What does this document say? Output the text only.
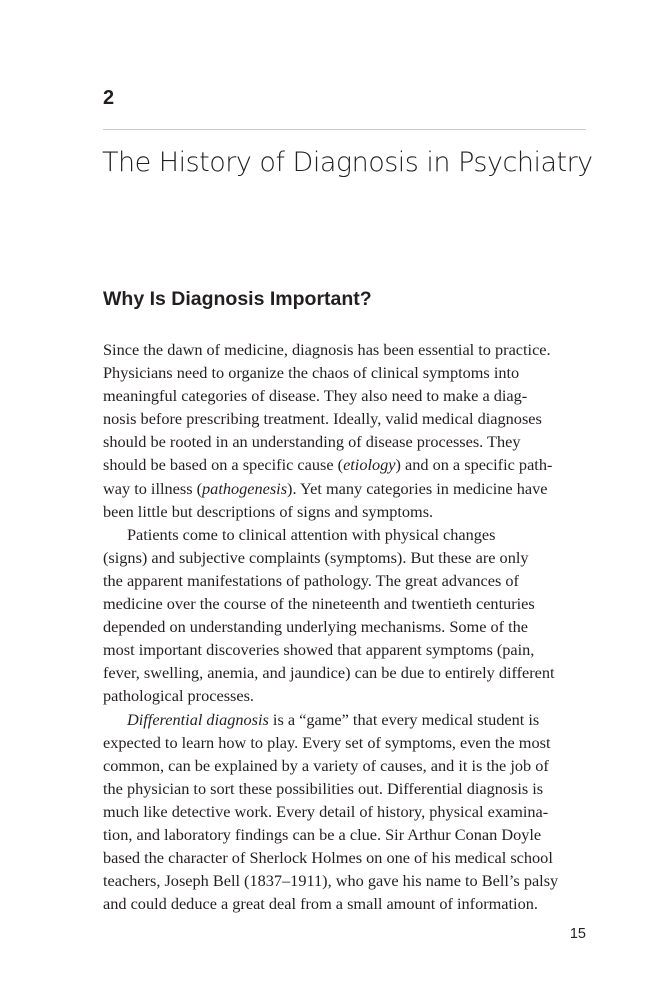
2
The History of Diagnosis in Psychiatry
Why Is Diagnosis Important?
Since the dawn of medicine, diagnosis has been essential to practice.
Physicians need to organize the chaos of clinical symptoms into
meaningful categories of disease. They also need to make a diag-
nosis before prescribing treatment. Ideally, valid medical diagnoses
should be rooted in an understanding of disease processes. They
should be based on a specific cause (etiology) and on a specific path-
way to illness (pathogenesis). Yet many categories in medicine have
been little but descriptions of signs and symptoms.
Patients come to clinical attention with physical changes
(signs) and subjective complaints (symptoms). But these are only
the apparent manifestations of pathology. The great advances of
medicine over the course of the nineteenth and twentieth centuries
depended on understanding underlying mechanisms. Some of the
most important discoveries showed that apparent symptoms (pain,
fever, swelling, anemia, and jaundice) can be due to entirely different
pathological processes.
Differential diagnosis is a “game” that every medical student is
expected to learn how to play. Every set of symptoms, even the most
common, can be explained by a variety of causes, and it is the job of
the physician to sort these possibilities out. Differential diagnosis is
much like detective work. Every detail of history, physical examina-
tion, and laboratory findings can be a clue. Sir Arthur Conan Doyle
based the character of Sherlock Holmes on one of his medical school
teachers, Joseph Bell (1837–1911), who gave his name to Bell’s palsy
and could deduce a great deal from a small amount of information.

15
